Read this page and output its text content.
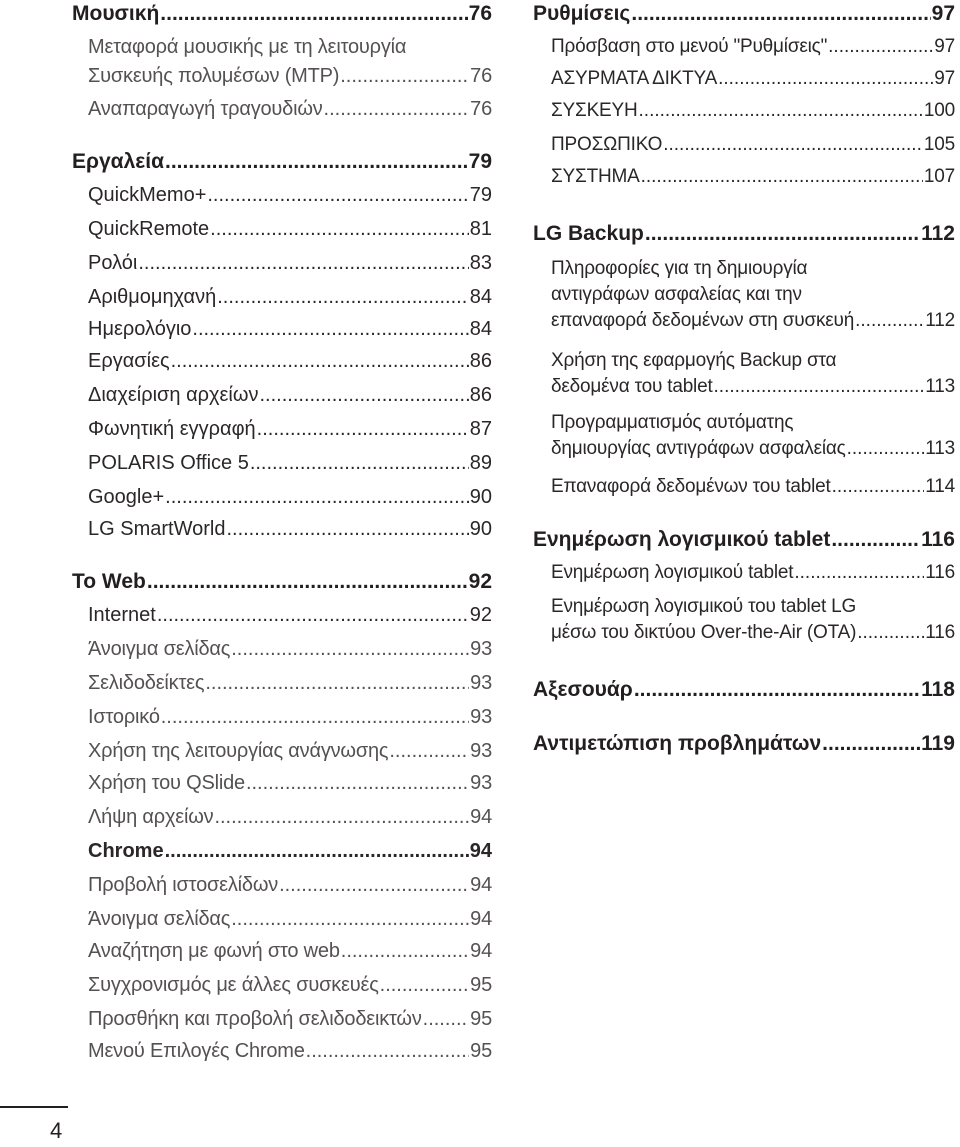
Μουσική .....	76
Μεταφορά μουσικής με τη λειτουργία
Συσκευής πολυμέσων (MTP) .....	76
Αναπαραγωγή τραγουδιών .....	76
Εργαλεία .....	79
QuickMemo+ .....	79
QuickRemote .....	81
Ρολόι .....	83
Αριθμομηχανή .....	84
Ημερολόγιο .....	84
Εργασίες .....	86
Διαχείριση αρχείων .....	86
Φωνητική εγγραφή .....	87
POLARIS Office 5 .....	89
Google+ .....	90
LG SmartWorld .....	90
Το Web .....	92
Internet .....	92
Άνοιγμα σελίδας .....	93
Σελιδοδείκτες .....	93
Ιστορικό .....	93
Χρήση της λειτουργίας ανάγνωσης .....	93
Χρήση του QSlide .....	93
Λήψη αρχείων .....	94
Chrome .....	94
Προβολή ιστοσελίδων .....	94
Άνοιγμα σελίδας .....	94
Αναζήτηση με φωνή στο web .....	94
Συγχρονισμός με άλλες συσκευές .....	95
Προσθήκη και προβολή σελιδοδεικτών ..... 95
Μενού Επιλογές Chrome .....	95
Ρυθμίσεις .....	97
Πρόσβαση στο μενού "Ρυθμίσεις" .....	97
ΑΣΥΡΜΑΤΑ ΔΙΚΤΥΑ .....	97
ΣΥΣΚΕΥΗ .....	100
ΠΡΟΣΩΠΙΚΟ .....	105
ΣΥΣΤΗΜΑ .....	107
LG Backup .....	112
Πληροφορίες για τη δημιουργία
αντιγράφων ασφαλείας και την
επαναφορά δεδομένων στη συσκευή .....	112
Χρήση της εφαρμογής Backup στα
δεδομένα του tablet .....	113
Προγραμματισμός αυτόματης
δημιουργίας αντιγράφων ασφαλείας .....	113
Επαναφορά δεδομένων του tablet .....	114
Ενημέρωση λογισμικού tablet .....	116
Ενημέρωση λογισμικού tablet .....	116
Ενημέρωση λογισμικού του tablet LG
μέσω του δικτύου Over-the-Air (OTA) .....	116
Αξεσουάρ .....	118
Αντιμετώπιση προβλημάτων .....	119
4
